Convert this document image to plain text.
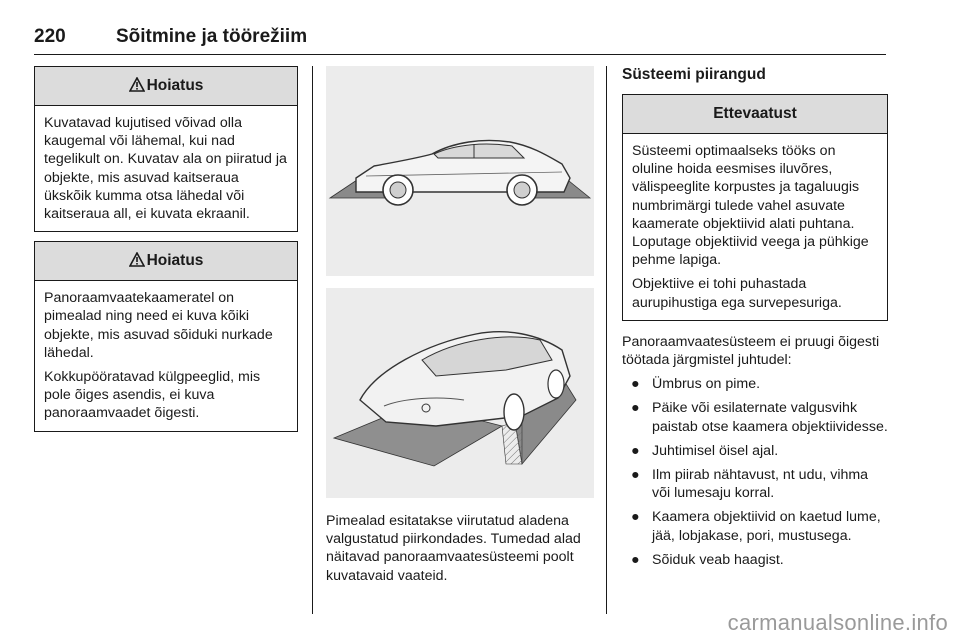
220	Sõitmine ja töörežiim
Hoiatus

Kuvatavad kujutised võivad olla kaugemal või lähemal, kui nad tegelikult on. Kuvatav ala on piiratud ja objekte, mis asuvad kaitseraua ükskõik kumma otsa lähedal või kaitseraua all, ei kuvata ekraanil.

Hoiatus

Panoraamvaatekaameratel on pimealad ning need ei kuva kõiki objekte, mis asuvad sõiduki nurkade lähedal.

Kokkupööratavad külgpeeglid, mis pole õiges asendis, ei kuva panoraamvaadet õigesti.

Pimealad esitatakse viirutatud aladena valgustatud piirkondades. Tumedad alad näitavad panoraamvaatesüsteemi poolt kuvatavaid vaateid.
Süsteemi piirangud
Ettevaatust

Süsteemi optimaalseks tööks on oluline hoida eesmises iluvõres, välispeeglite korpustes ja tagaluugis numbrimärgi tulede vahel asuvate kaamerate objektiivid alati puhtana. Loputage objektiivid veega ja pühkige pehme lapiga.

Objektiive ei tohi puhastada aurupihustiga ega survepesuriga.

Panoraamvaatesüsteem ei pruugi õigesti töötada järgmistel juhtudel:
● Ümbrus on pime.
● Päike või esilaternate valgusvihk paistab otse kaamera objektiividesse.
● Juhtimisel öisel ajal.
● Ilm piirab nähtavust, nt udu, vihma või lumesaju korral.
● Kaamera objektiivid on kaetud lume, jää, lobjakase, pori, mustusega.
● Sõiduk veab haagist.
carmanualsonline.info
